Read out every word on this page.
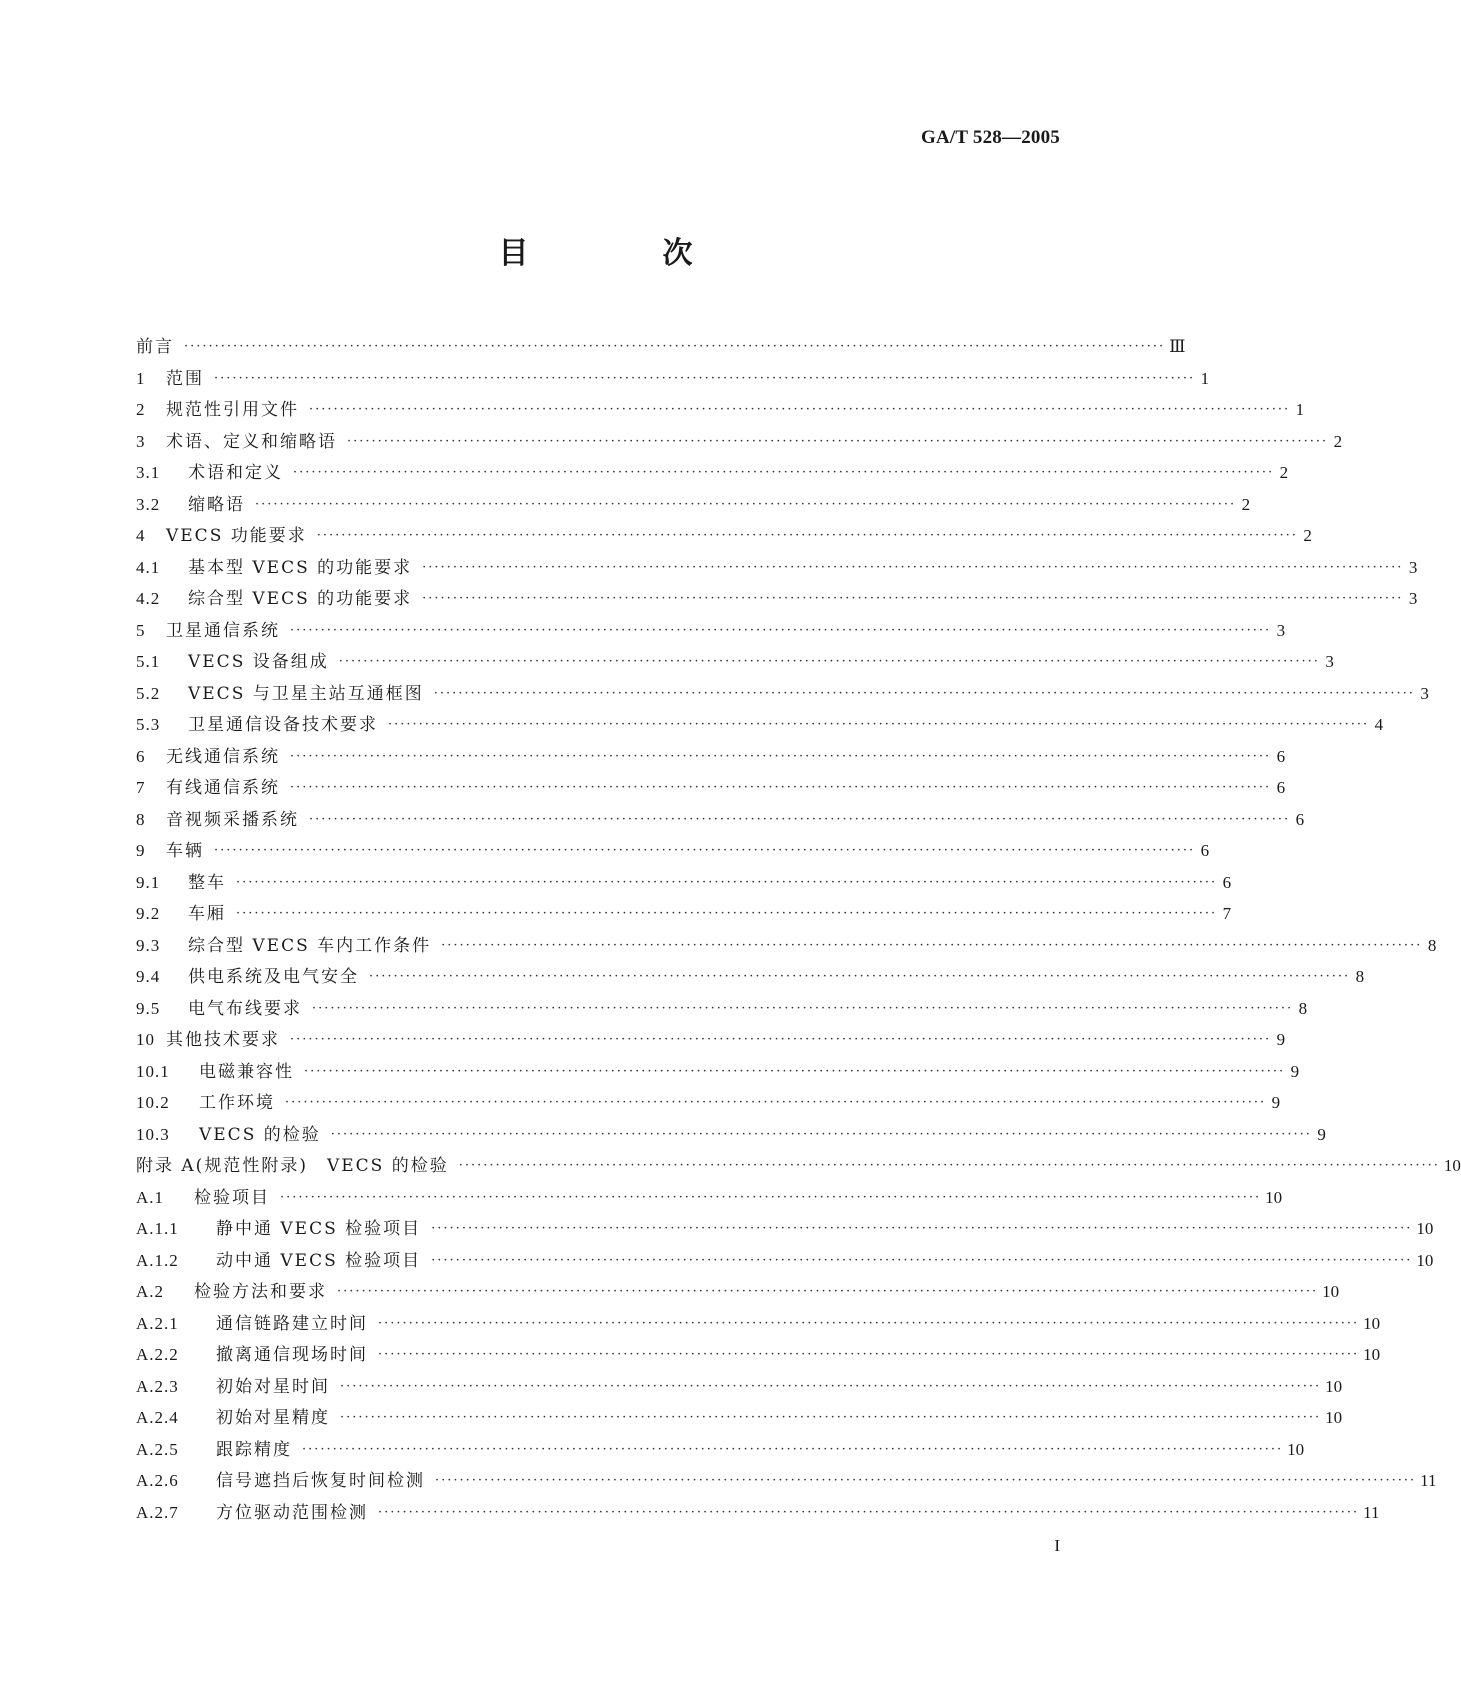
GA/T 528—2005
目　次
前言 ································································································································································ Ⅲ
1	范围 ································································································································································ 1
2	规范性引用文件 ································································································································································ 1
3	术语、定义和缩略语 ································································································································································ 2
3.1	术语和定义 ································································································································································ 2
3.2	缩略语 ································································································································································ 2
4	VECS 功能要求 ································································································································································ 2
4.1	基本型 VECS 的功能要求 ································································································································································ 3
4.2	综合型 VECS 的功能要求 ································································································································································ 3
5	卫星通信系统 ································································································································································ 3
5.1	VECS 设备组成 ································································································································································ 3
5.2	VECS 与卫星主站互通框图 ································································································································································ 3
5.3	卫星通信设备技术要求 ································································································································································ 4
6	无线通信系统 ································································································································································ 6
7	有线通信系统 ································································································································································ 6
8	音视频采播系统 ································································································································································ 6
9	车辆 ································································································································································ 6
9.1	整车 ································································································································································ 6
9.2	车厢 ································································································································································ 7
9.3	综合型 VECS 车内工作条件 ································································································································································ 8
9.4	供电系统及电气安全 ································································································································································ 8
9.5	电气布线要求 ································································································································································ 8
10 其他技术要求 ································································································································································ 9
10.1	电磁兼容性 ································································································································································ 9
10.2	工作环境 ································································································································································ 9
10.3	VECS 的检验 ································································································································································ 9
附录 A(规范性附录)　VECS 的检验 ································································································································································ 10
A.1	检验项目 ································································································································································ 10
A.1.1	静中通 VECS 检验项目 ································································································································································ 10
A.1.2	动中通 VECS 检验项目 ································································································································································ 10
A.2	检验方法和要求 ································································································································································ 10
A.2.1	通信链路建立时间 ································································································································································ 10
A.2.2	撤离通信现场时间 ································································································································································ 10
A.2.3	初始对星时间 ································································································································································ 10
A.2.4	初始对星精度 ································································································································································ 10
A.2.5	跟踪精度 ································································································································································ 10
A.2.6	信号遮挡后恢复时间检测 ································································································································································ 11
A.2.7	方位驱动范围检测 ································································································································································ 11
I
